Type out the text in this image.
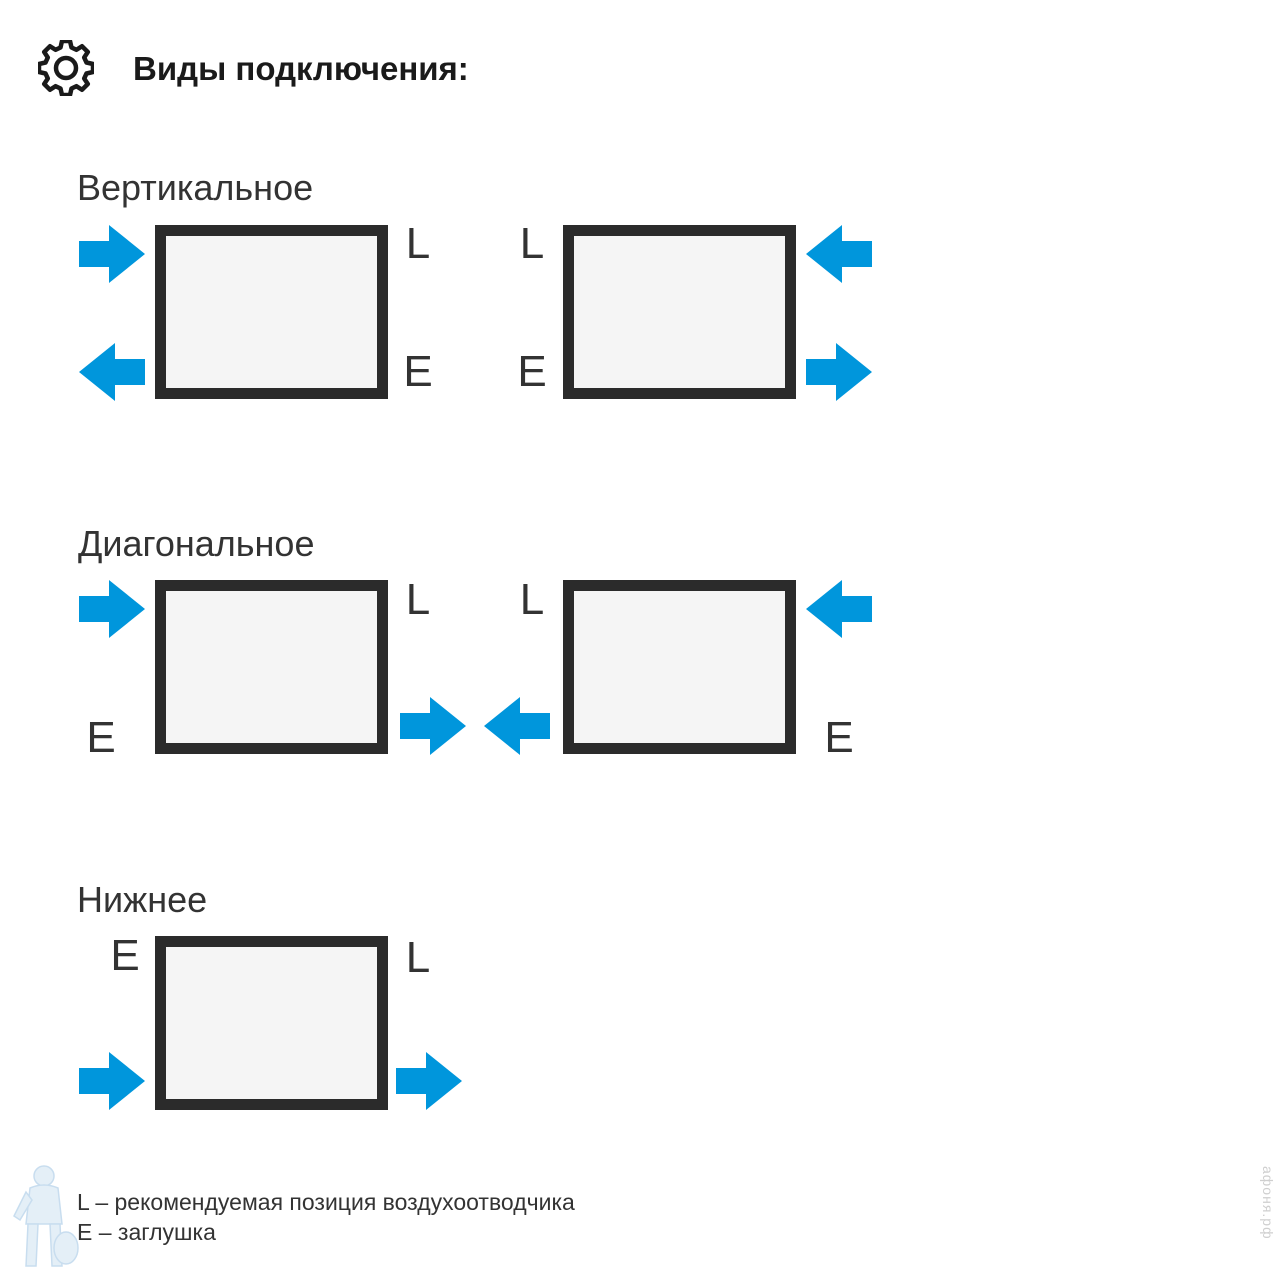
Виды подключения:
Вертикальное
Диагональное
Нижнее
L
E
L
E
L
E
L
E
E	L
L – рекомендуемая позиция воздухоотводчика
E – заглушка	афоня.рф
